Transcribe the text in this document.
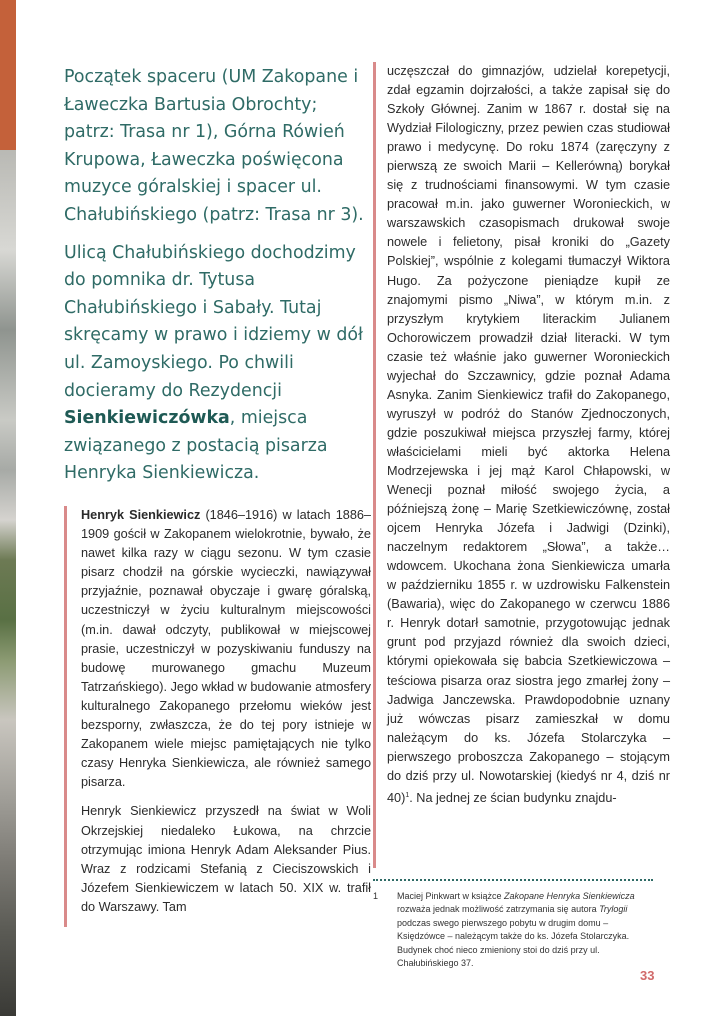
Początek spaceru (UM Zakopane i Ławeczka Bartusia Obrochty; patrz: Trasa nr 1), Górna Rówień Krupowa, Ławeczka poświęcona muzyce góralskiej i spacer ul. Chałubińskiego (patrz: Trasa nr 3).

Ulicą Chałubińskiego dochodzimy do pomnika dr. Tytusa Chałubińskiego i Sabały. Tutaj skręcamy w prawo i idziemy w dół ul. Zamoyskiego. Po chwili docieramy do Rezydencji Sienkiewiczówka, miejsca związanego z postacią pisarza Henryka Sienkiewicza.

Henryk Sienkiewicz (1846–1916) w latach 1886–1909 gościł w Zakopanem wielokrotnie, bywało, że nawet kilka razy w ciągu sezonu. W tym czasie pisarz chodził na górskie wycieczki, nawiązywał przyjaźnie, poznawał obyczaje i gwarę góralską, uczestniczył w życiu kulturalnym miejscowości (m.in. dawał odczyty, publikował w miejscowej prasie, uczestniczył w pozyskiwaniu funduszy na budowę murowanego gmachu Muzeum Tatrzańskiego). Jego wkład w budowanie atmosfery kulturalnego Zakopanego przełomu wieków jest bezsporny, zwłaszcza, że do tej pory istnieje w Zakopanem wiele miejsc pamiętających nie tylko czasy Henryka Sienkiewicza, ale również samego pisarza.

Henryk Sienkiewicz przyszedł na świat w Woli Okrzejskiej niedaleko Łukowa, na chrzcie otrzymując imiona Henryk Adam Aleksander Pius. Wraz z rodzicami Stefanią z Cieciszowskich i Józefem Sienkiewiczem w latach 50. XIX w. trafił do Warszawy. Tam

uczęszczał do gimnazjów, udzielał korepetycji, zdał egzamin dojrzałości, a także zapisał się do Szkoły Głównej. Zanim w 1867 r. dostał się na Wydział Filologiczny, przez pewien czas studiował prawo i medycynę. Do roku 1874 (zaręczyny z pierwszą ze swoich Marii – Kellerówną) borykał się z trudnościami finansowymi. W tym czasie pracował m.in. jako guwerner Woronieckich, w warszawskich czasopismach drukował swoje nowele i felietony, pisał kroniki do „Gazety Polskiej”, wspólnie z kolegami tłumaczył Wiktora Hugo. Za pożyczone pieniądze kupił ze znajomymi pismo „Niwa”, w którym m.in. z przyszłym krytykiem literackim Julianem Ochorowiczem prowadził dział literacki. W tym czasie też właśnie jako guwerner Woronieckich wyjechał do Szczawnicy, gdzie poznał Adama Asnyka. Zanim Sienkiewicz trafił do Zakopanego, wyruszył w podróż do Stanów Zjednoczonych, gdzie poszukiwał miejsca przyszłej farmy, której właścicielami mieli być aktorka Helena Modrzejewska i jej mąż Karol Chłapowski, w Wenecji poznał miłość swojego życia, a późniejszą żonę – Marię Szetkiewiczównę, został ojcem Henryka Józefa i Jadwigi (Dzinki), naczelnym redaktorem „Słowa”, a także… wdowcem. Ukochana żona Sienkiewicza umarła w październiku 1855 r. w uzdrowisku Falkenstein (Bawaria), więc do Zakopanego w czerwcu 1886 r. Henryk dotarł samotnie, przygotowując jednak grunt pod przyjazd również dla swoich dzieci, którymi opiekowała się babcia Szetkiewiczowa – teściowa pisarza oraz siostra jego zmarłej żony – Jadwiga Janczewska. Prawdopodobnie uznany już wówczas pisarz zamieszkał w domu należącym do ks. Józefa Stolarczyka – pierwszego proboszcza Zakopanego – stojącym do dziś przy ul. Nowotarskiej (kiedyś nr 4, dziś nr 40)$^1$. Na jednej ze ścian budynku znajdu-

1 Maciej Pinkwart w książce Zakopane Henryka Sienkiewicza rozważa jednak możliwość zatrzymania się autora Trylogii podczas swego pierwszego pobytu w drugim domu – Księdzówce – należącym także do ks. Józefa Stolarczyka. Budynek choć nieco zmieniony stoi do dziś przy ul. Chałubińskiego 37.
33
